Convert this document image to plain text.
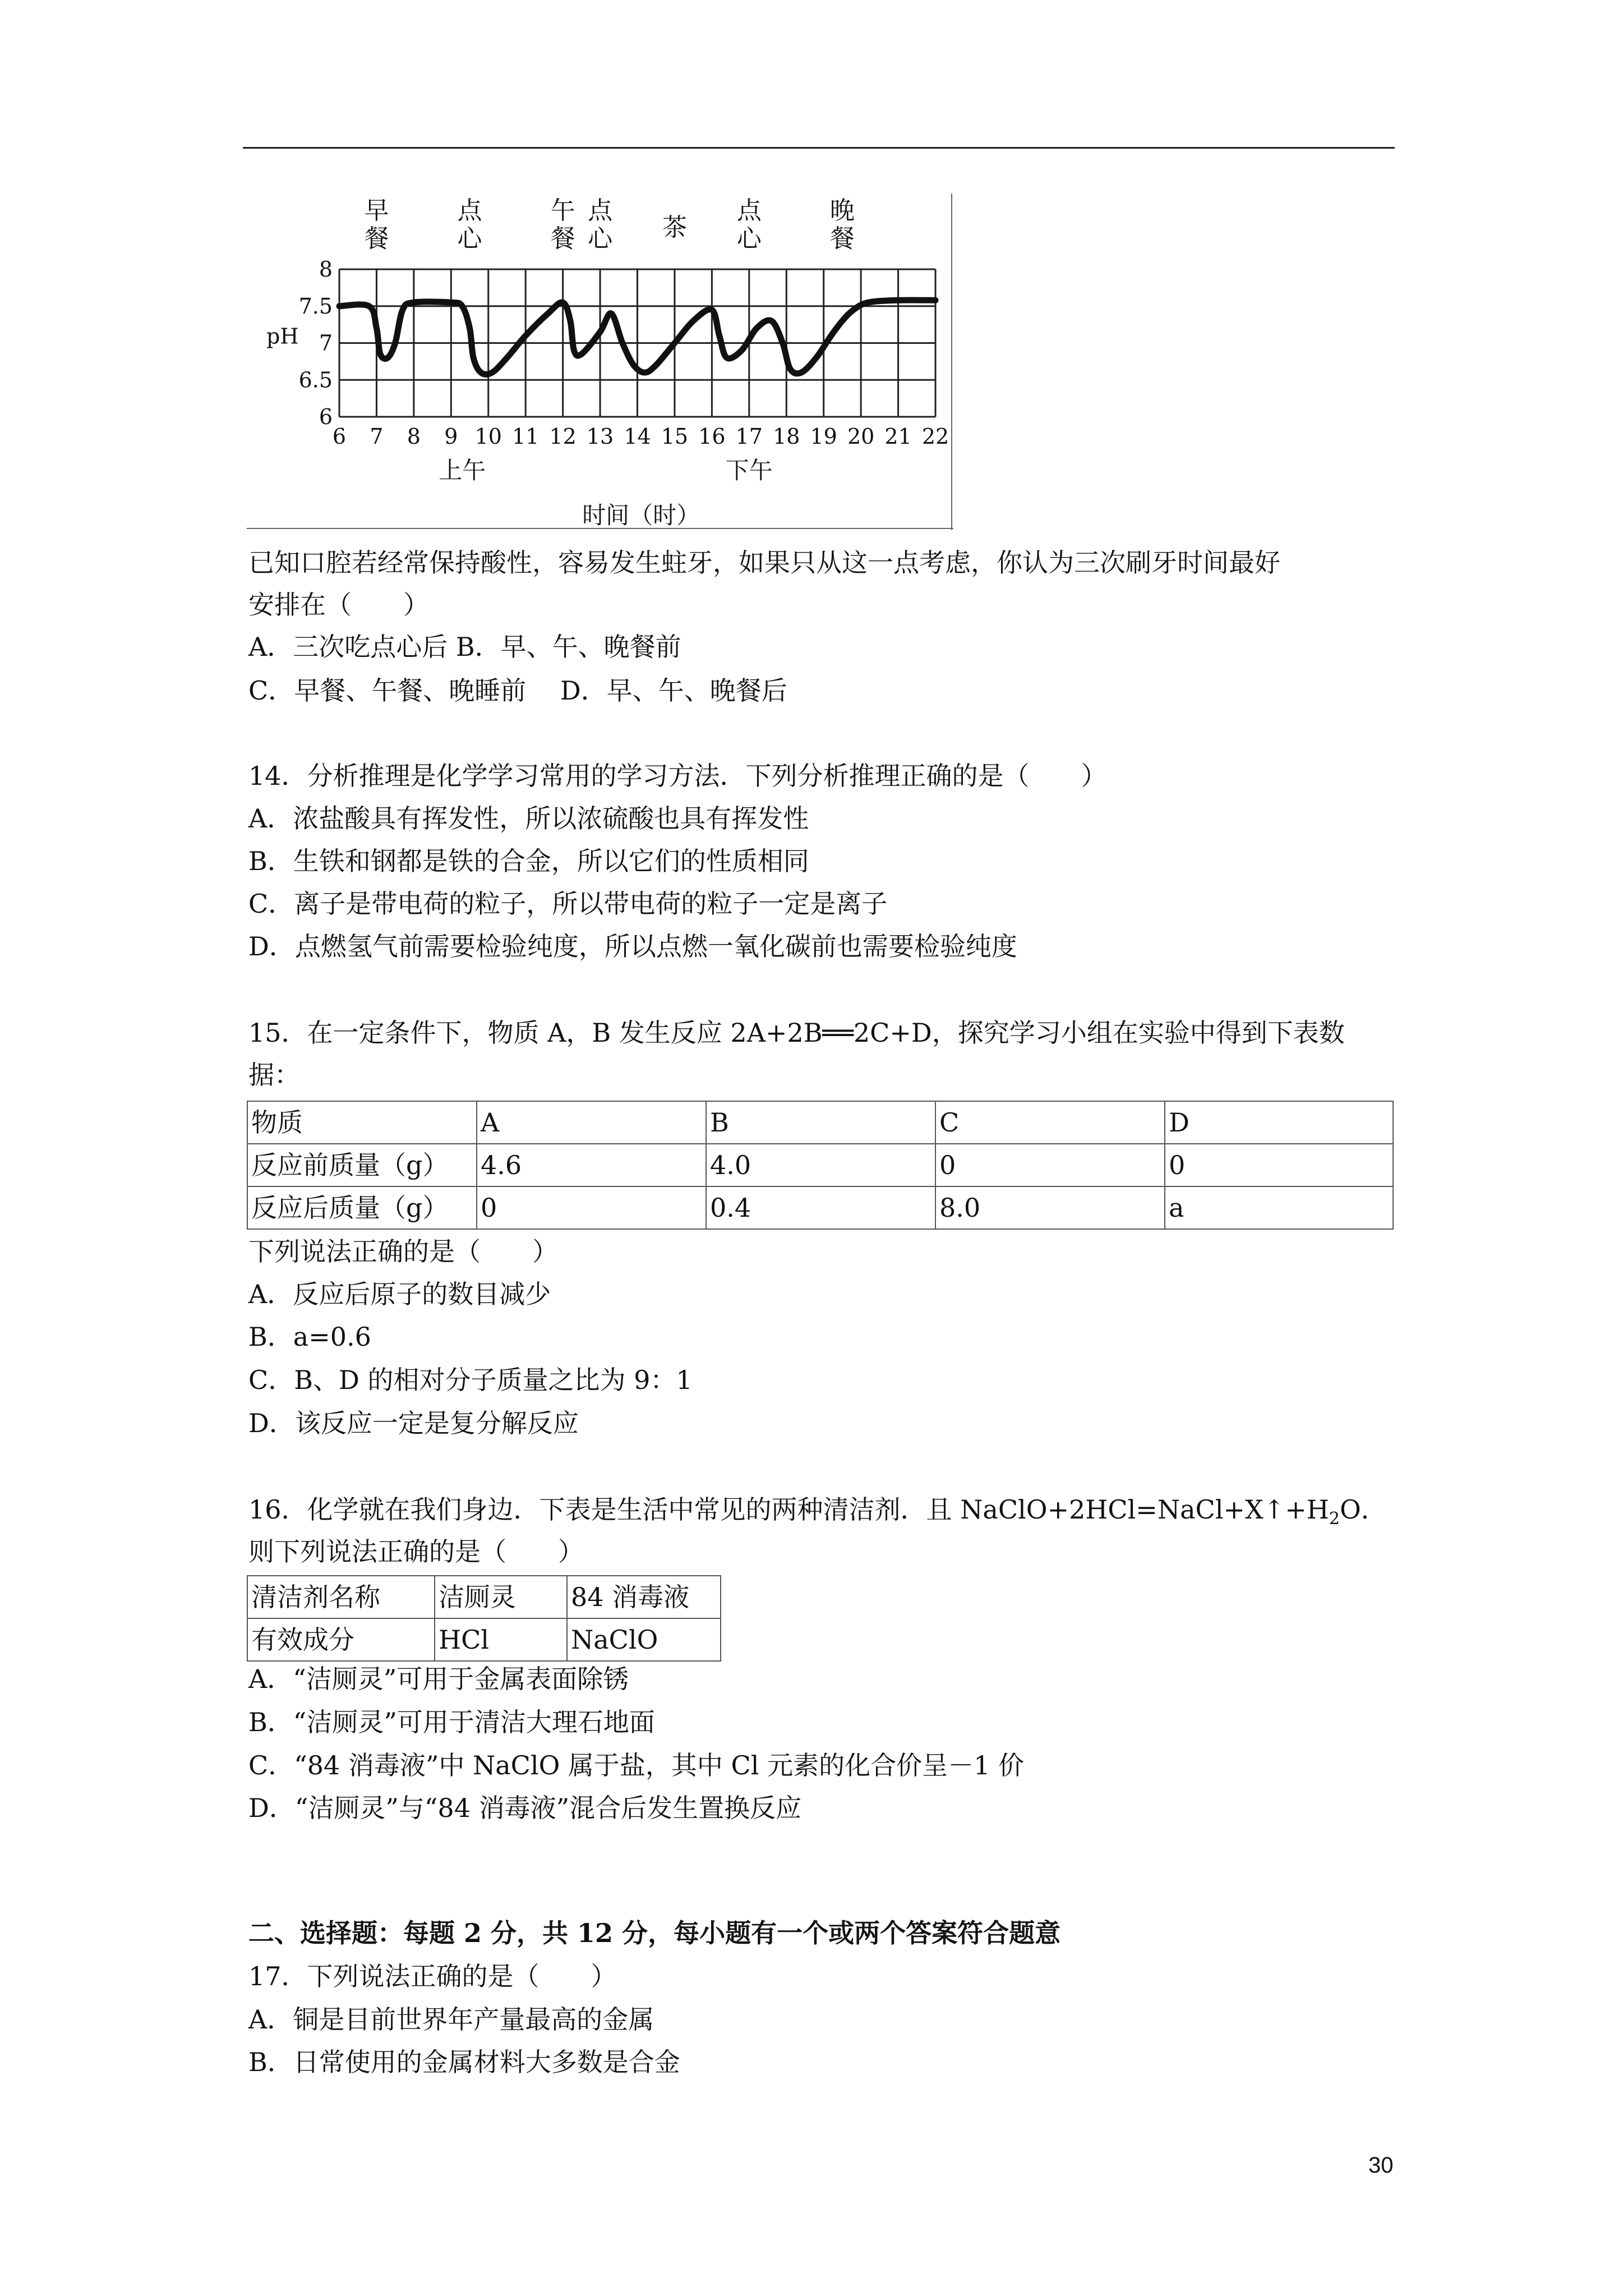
8
7.5
7
6.5
6
pH
6 7 8 9 10 11 12 13 14 15 16 17 18 19 20 21 22
上午	下午
时间（时）
早餐
点心
午餐
点心 茶
点心
晚餐
已知口腔若经常保持酸性，容易发生蛀牙，如果只从这一点考虑，你认为三次刷牙时间最好
安排在（　　）
A．三次吃点心后 B．早、午、晚餐前
C．早餐、午餐、晚睡前　 D．早、午、晚餐后
14．分析推理是化学学习常用的学习方法．下列分析推理正确的是（　　）
A．浓盐酸具有挥发性，所以浓硫酸也具有挥发性
B．生铁和钢都是铁的合金，所以它们的性质相同
C．离子是带电荷的粒子，所以带电荷的粒子一定是离子
D．点燃氢气前需要检验纯度，所以点燃一氧化碳前也需要检验纯度
15．在一定条件下，物质 A，B 发生反应 2A+2B══2C+D，探究学习小组在实验中得到下表数
据：
物质	A	B	C	D
反应前质量（g）	4.6	4.0	0	0
反应后质量（g）	0	0.4	8.0	a
下列说法正确的是（　　）
A．反应后原子的数目减少
B．a=0.6
C．B、D 的相对分子质量之比为 9：1
D．该反应一定是复分解反应
16．化学就在我们身边．下表是生活中常见的两种清洁剂．且 $NaClO+2HCl=NaCl+X↑+H_2O$．
则下列说法正确的是（　　）
清洁剂名称	洁厕灵	84 消毒液
有效成分	HCl	NaClO
A．“洁厕灵”可用于金属表面除锈
B．“洁厕灵”可用于清洁大理石地面
C．“84 消毒液”中 NaClO 属于盐，其中 Cl 元素的化合价呈－1 价
D．“洁厕灵”与“84 消毒液”混合后发生置换反应
二、选择题：每题 2 分，共 12 分，每小题有一个或两个答案符合题意
17．下列说法正确的是（　　）
A．铜是目前世界年产量最高的金属
B．日常使用的金属材料大多数是合金
30
